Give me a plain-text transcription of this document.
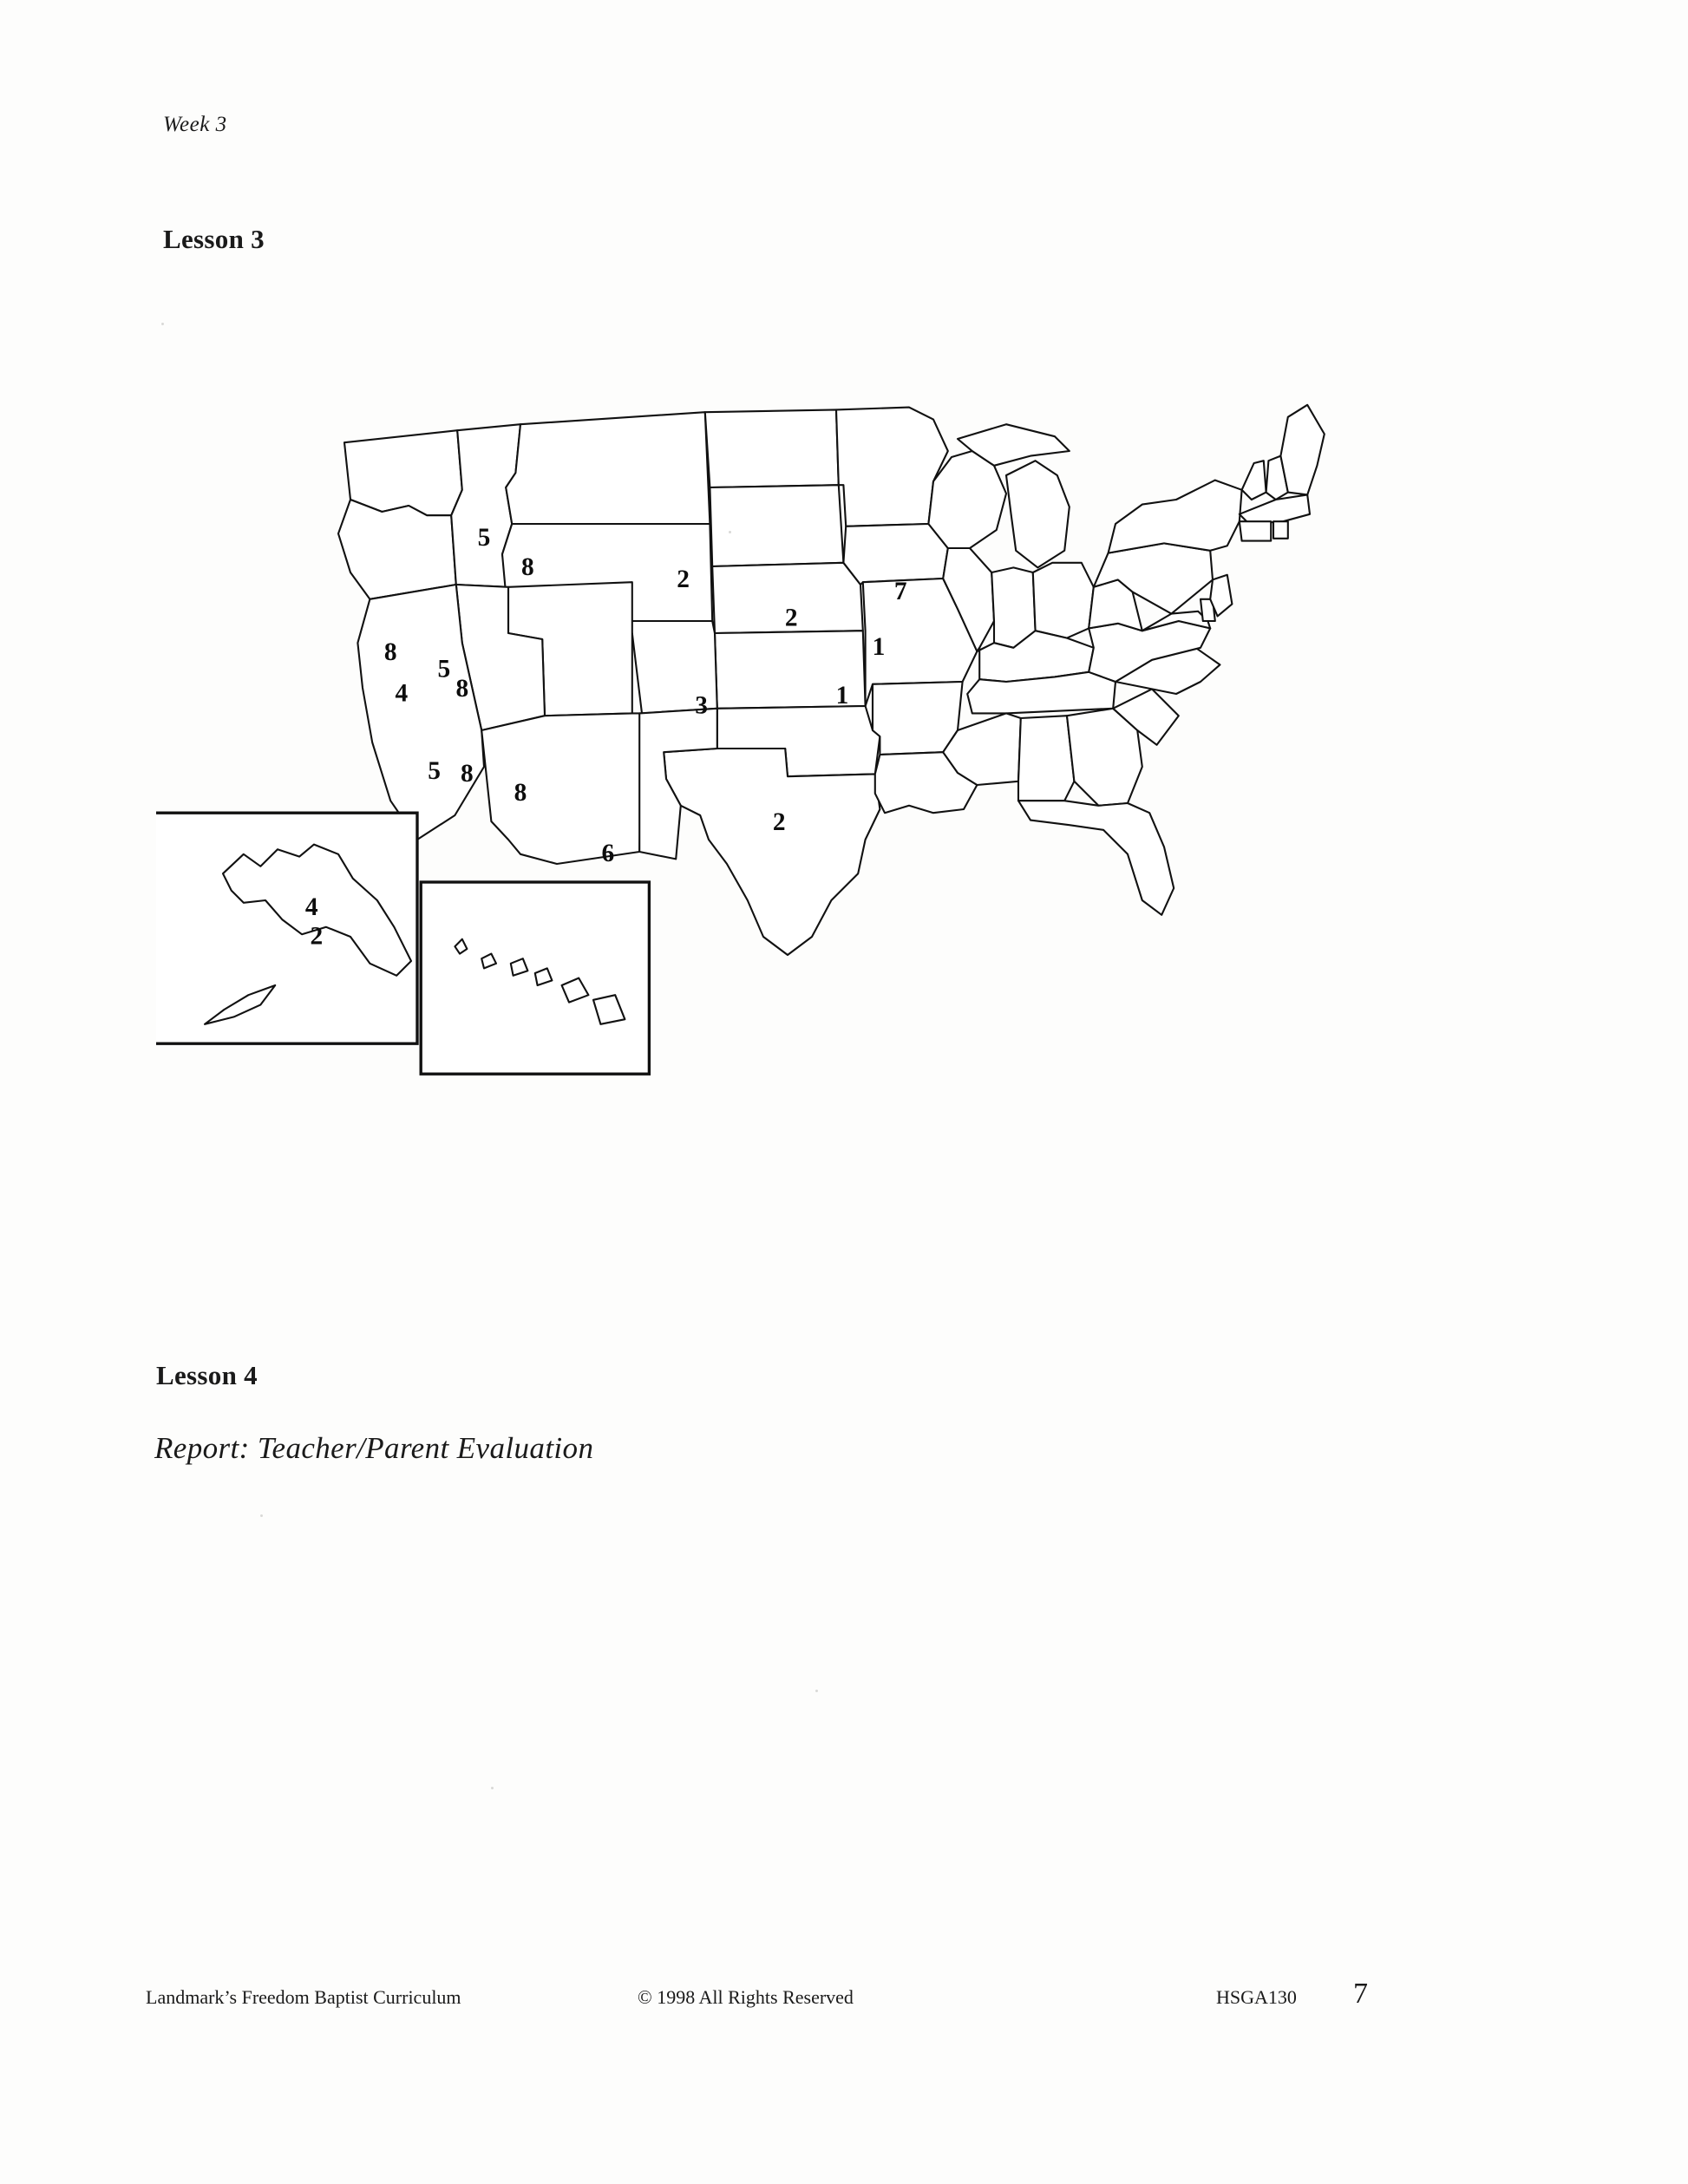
Week 3
Lesson 3
5
8	2
2
7
1
8
5
8
4	3	1
5 8
8
2
6
4
2
Lesson 4
Report: Teacher/Parent Evaluation
Landmark’s Freedom Baptist Curriculum	© 1998 All Rights Reserved	HSGA130 7
